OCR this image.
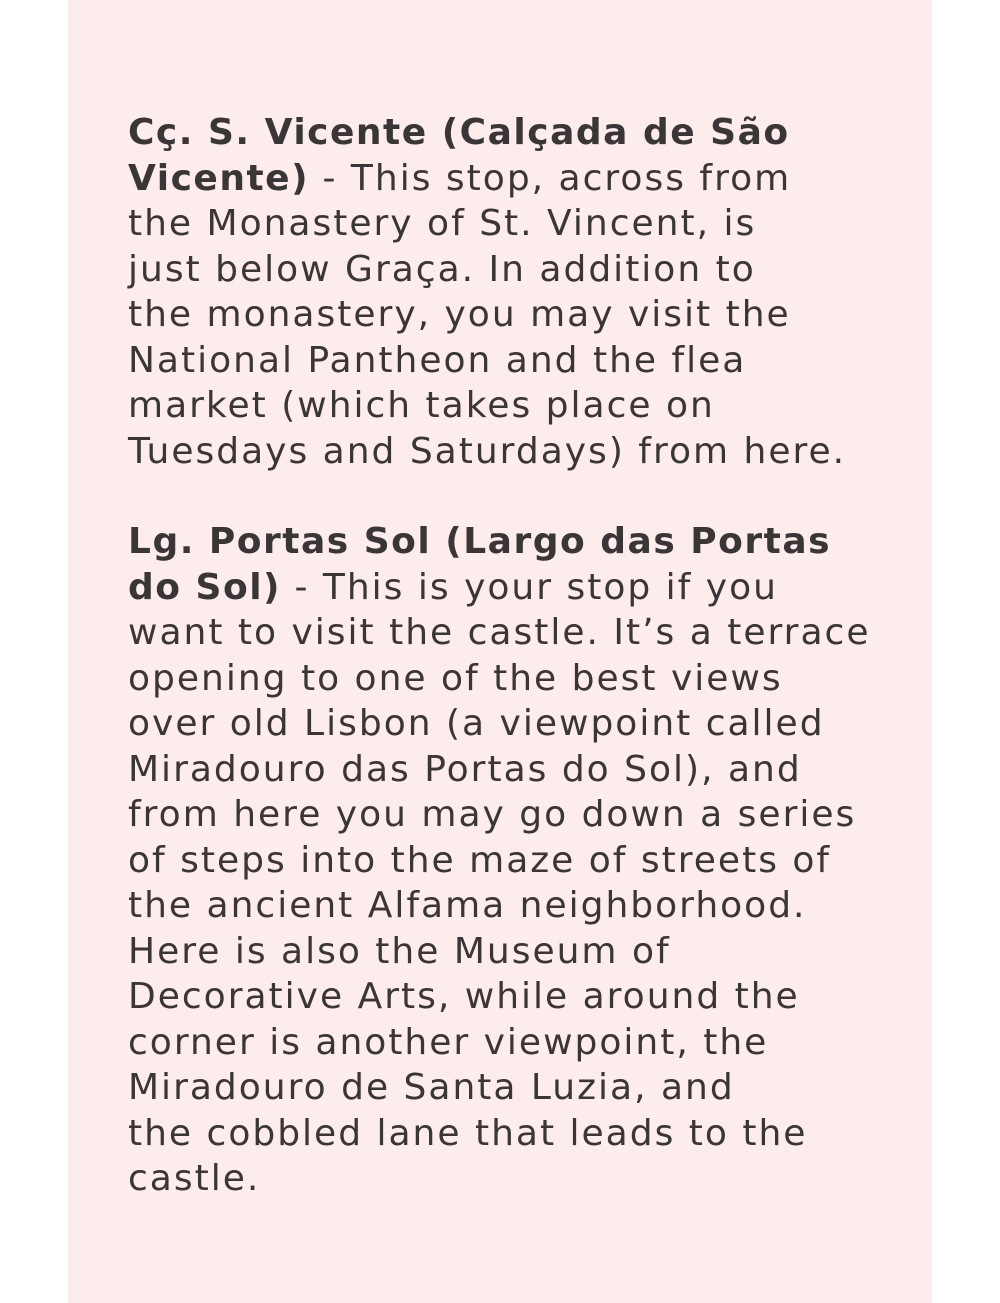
Cç. S. Vicente (Calçada de São
Vicente) - This stop, across from
the Monastery of St. Vincent, is
just below Graça. In addition to
the monastery, you may visit the
National Pantheon and the flea
market (which takes place on
Tuesdays and Saturdays) from here.

Lg. Portas Sol (Largo das Portas
do Sol) - This is your stop if you
want to visit the castle. It’s a terrace
opening to one of the best views
over old Lisbon (a viewpoint called
Miradouro das Portas do Sol), and
from here you may go down a series
of steps into the maze of streets of
the ancient Alfama neighborhood.
Here is also the Museum of
Decorative Arts, while around the
corner is another viewpoint, the
Miradouro de Santa Luzia, and
the cobbled lane that leads to the
castle.
